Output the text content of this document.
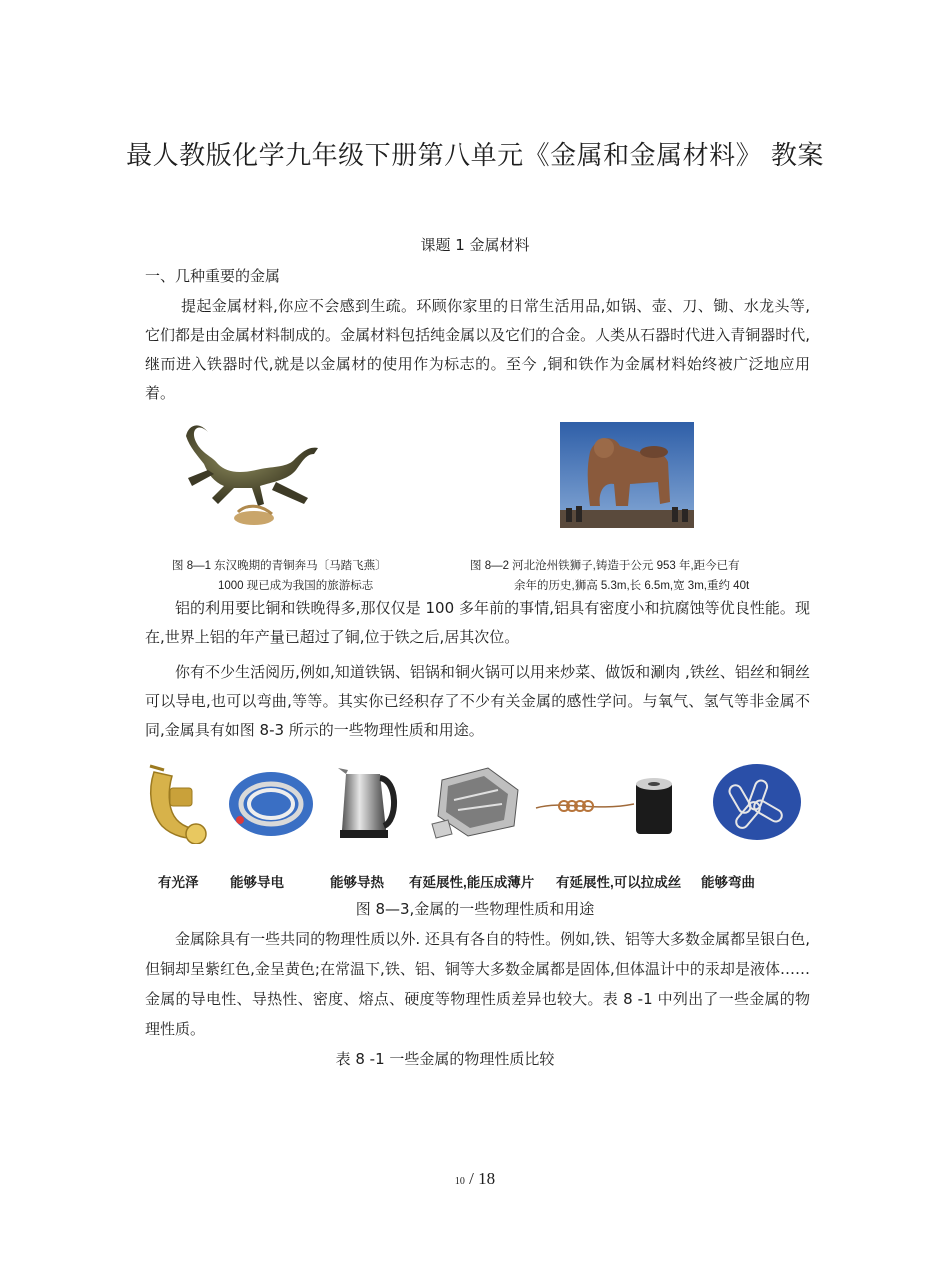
最人教版化学九年级下册第八单元《金属和金属材料》 教案
课题 1 金属材料
一、几种重要的金属

提起金属材料,你应不会感到生疏。环顾你家里的日常生活用品,如锅、壶、刀、锄、水龙头等,它们都是由金属材料制成的。金属材料包括纯金属以及它们的合金。人类从石器时代进入青铜器时代,继而进入铁器时代,就是以金属材的使用作为标志的。至今 ,铜和铁作为金属材料始终被广泛地应用着。

图 8—1 东汉晚期的青铜奔马〔马踏飞燕〕
1000 现已成为我国的旅游标志
图 8—2 河北沧州铁狮子,铸造于公元 953 年,距今已有
余年的历史,狮高 5.3m,长 6.5m,宽 3m,重约 40t

铝的利用要比铜和铁晚得多,那仅仅是 100 多年前的事情,铝具有密度小和抗腐蚀等优良性能。现在,世界上铝的年产量已超过了铜,位于铁之后,居其次位。

你有不少生活阅历,例如,知道铁锅、铝锅和铜火锅可以用来炒菜、做饭和涮肉 ,铁丝、铝丝和铜丝可以导电,也可以弯曲,等等。其实你已经积存了不少有关金属的感性学问。与氧气、氢气等非金属不同,金属具有如图 8-3 所示的一些物理性质和用途。

有光泽 能够导电	能够导热 有延展性,能压成薄片 有延展性,可以拉成丝 能够弯曲
图 8—3,金属的一些物理性质和用途

金属除具有一些共同的物理性质以外. 还具有各自的特性。例如,铁、铝等大多数金属都呈银白色,但铜却呈紫红色,金呈黄色;在常温下,铁、铝、铜等大多数金属都是固体,但体温计中的汞却是液体……金属的导电性、导热性、密度、熔点、硬度等物理性质差异也较大。表 8 -1 中列出了一些金属的物理性质。

表 8 -1 一些金属的物理性质比较
10 / 18
